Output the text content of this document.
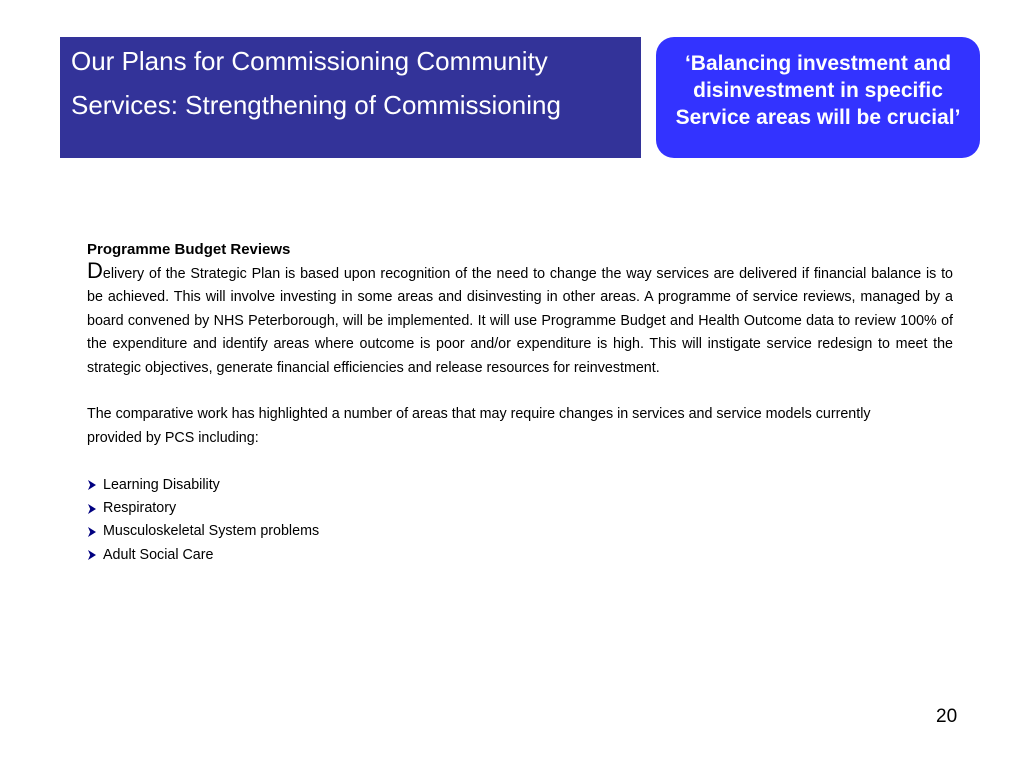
Our Plans for Commissioning Community
Services: Strengthening of Commissioning

‘Balancing investment and
disinvestment in specific
Service areas will be crucial’

Programme Budget Reviews

Delivery of the Strategic Plan is based upon recognition of the need to change the way services are delivered if financial balance is to be achieved. This will involve investing in some areas and disinvesting in other areas. A programme of service reviews, managed by a board convened by NHS Peterborough, will be implemented. It will use Programme Budget and Health Outcome data to review 100% of the expenditure and identify areas where outcome is poor and/or expenditure is high. This will instigate service redesign to meet the strategic objectives, generate financial efficiencies and release resources for reinvestment.

The comparative work has highlighted a number of areas that may require changes in services and service models currently
provided by PCS including:

Learning Disability
Respiratory
Musculoskeletal System problems
Adult Social Care
20
